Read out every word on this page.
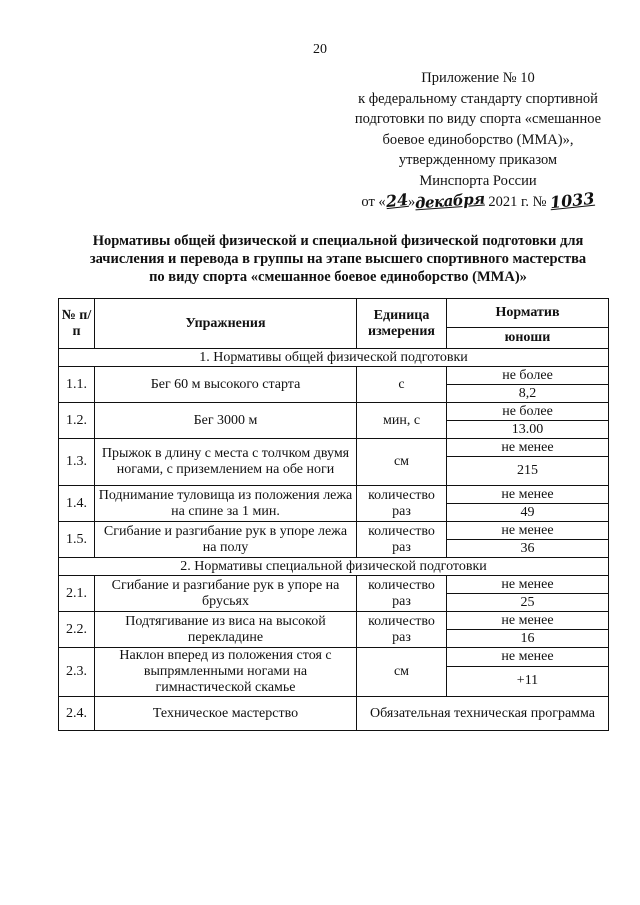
20
Приложение № 10
к федеральному стандарту спортивной
подготовки по виду спорта «смешанное
боевое единоборство (ММА)»,
утвержденному приказом
Минспорта России
от «24»декабря 2021 г. № 1033
Нормативы общей физической и специальной физической подготовки для
зачисления и перевода в группы на этапе высшего спортивного мастерства
по виду спорта «смешанное боевое единоборство (ММА)»
№ п/п	Упражнения	Единица измерения	Норматив
			юноши
1. Нормативы общей физической подготовки			
1.1.	Бег 60 м высокого старта	с	не более
			8,2
1.2.	Бег 3000 м	мин, с	не более
			13.00
1.3.	Прыжок в длину с места с толчком двумя ногами, с приземлением на обе ноги	см	не менее
			215
1.4.	Поднимание туловища из положения лежа на спине за 1 мин.	количество раз	не менее
			49
1.5.	Сгибание и разгибание рук в упоре лежа на полу	количество раз	не менее
			36
2. Нормативы специальной физической подготовки			
2.1.	Сгибание и разгибание рук в упоре на брусьях	количество раз	не менее
			25
2.2.	Подтягивание из виса на высокой перекладине	количество раз	не менее
			16
2.3.	Наклон вперед из положения стоя с выпрямленными ногами на гимнастической скамье	см	не менее
			+11
2.4.	Техническое мастерство	Обязательная техническая программа	
